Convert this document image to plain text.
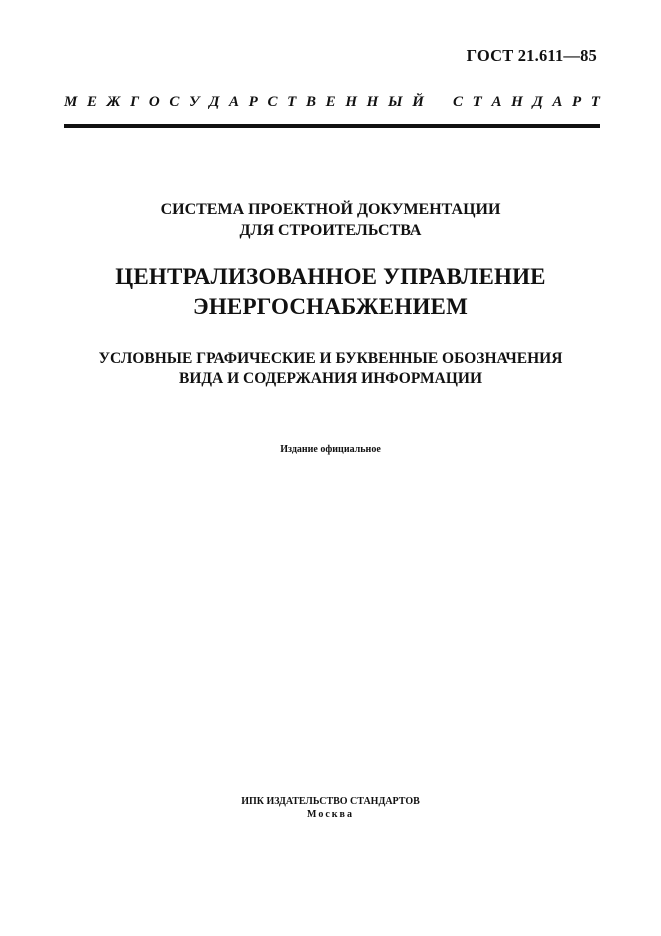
ГОСТ 21.611—85
М Е Ж Г О С У Д А Р С Т В Е Н Н Ы Й С Т А Н Д А Р Т
СИСТЕМА ПРОЕКТНОЙ ДОКУМЕНТАЦИИ
ДЛЯ СТРОИТЕЛЬСТВА
ЦЕНТРАЛИЗОВАННОЕ УПРАВЛЕНИЕ
ЭНЕРГОСНАБЖЕНИЕМ
УСЛОВНЫЕ ГРАФИЧЕСКИЕ И БУКВЕННЫЕ ОБОЗНАЧЕНИЯ
ВИДА И СОДЕРЖАНИЯ ИНФОРМАЦИИ
Издание официальное
ИПК ИЗДАТЕЛЬСТВО СТАНДАРТОВ
Москва
